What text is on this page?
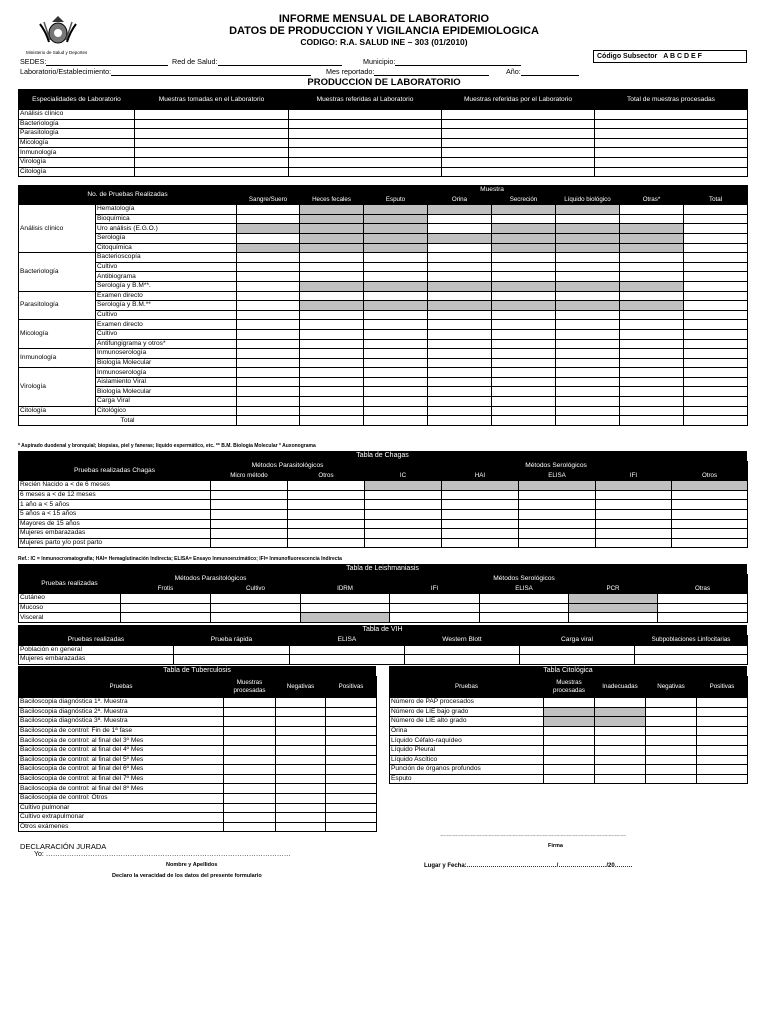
Ministerio de Salud y Deportes
INFORME MENSUAL DE LABORATORIO
DATOS DE PRODUCCION Y VIGILANCIA EPIDEMIOLOGICA
CODIGO: R.A. SALUD INE – 303 (01/2010)
Código Subsector A B C D E F
SEDES:	Red de Salud:	Municipio:
Laboratorio/Establecimiento:	Mes reportado:	Año:
PRODUCCION DE LABORATORIO
Especialidades de Laboratorio	Muestras tomadas en el Laboratorio	Muestras referidas al Laboratorio	Muestras referidas por el Laboratorio	Total de muestras procesadas
Análisis clínico				
Bacteriología				
Parasitología				
Micología				
Inmunología				
Virología				
Citología				
No. de Pruebas Realizadas		Muestra							
		Sangre/Suero	Heces fecales	Esputo	Orina	Secreción	Líquido biológico	Otras*	Total
Análisis clínico	Hematología								
	Bioquímica								
	Uro análisis (E.G.O.)								
	Serología								
	Citoquímica								
Bacteriología	Bacterioscopía								
	Cultivo								
	Antibiograma								
	Serología y B.M**.								
Parasitología	Examen directo								
	Serología y B.M.**								
	Cultivo								
Micología	Examen directo								
	Cultivo								
	Antifungigrama y otros*								
Inmunología	Inmunoserología								
	Biología Molecular								
Virología	Inmunoserología								
	Aislamiento Viral								
	Biología Molecular								
	Carga Viral								
Citología	Citológico								
Total									
* Aspirado duodenal y bronquial; biopsias, piel y faneras; liquido espermático, etc. ** B.M. Biología Molecular * Auxonograma
Tabla de Chagas
Pruebas realizadas Chagas	Métodos Parasitológicos		Métodos Serológicos				
	Micro método	Otros	IC	HAI	ELISA	IFI	Otros
Recién Nacido a < de 6 meses							
6 meses a < de 12 meses							
1 año a < 5 años							
5 años a < 15 años							
Mayores de 15 años							
Mujeres embarazadas							
Mujeres parto y/o post parto							
Ref.: IC = Inmunocromatografía; HAI= Hemaglutinación Indirecta; ELISA= Ensayo Inmunoenzimático; IFI= Inmunofluorescencia Indirecta
Tabla de Leishmaniasis
Pruebas realizadas	Métodos Parasitológicos		Métodos Serológicos				
	Frotis	Cultivo	IDRM	IFI	ELISA	PCR	Otras
Cutáneo							
Mucoso							
Visceral							
Tabla de VIH
Pruebas realizadas	Prueba rápida	ELISA	Western Blott	Carga viral	Subpoblaciones Linfocitarias
Población en general					
Mujeres embarazadas					
Tabla de Tuberculosis
Pruebas	Muestras procesadas	Negativas	Positivas
Baciloscopia diagnóstica 1ª. Muestra			
Baciloscopia diagnóstica 2ª. Muestra			
Baciloscopia diagnóstica 3ª. Muestra			
Baciloscopia de control: Fin de 1ª fase			
Baciloscopia de control: al final del 3º Mes			
Baciloscopia de control: al final del 4º Mes			
Baciloscopia de control: al final del 5º Mes			
Baciloscopia de control: al final del 6º Mes			
Baciloscopia de control: al final del 7º Mes			
Baciloscopia de control: al final del 8º Mes			
Baciloscopia de control: Otros			
Cultivo pulmonar			
Cultivo extrapulmonar			
Otros exámenes			
Tabla Citológica
Pruebas	Muestras procesadas	Inadecuadas	Negativas	Positivas
Número de PAP procesados				
Número de LIE bajo grado				
Número de LIE alto grado				
Orina				
Líquido Céfalo-raquídeo				
Líquido Pleural				
Líquido Ascítico				
Punción de órganos profundos				
Esputo				
DECLARACIÓN JURADA
Yo: ……………………………………………………………………………………………
Nombre y Apellidos
Declaro la veracidad de los datos del presente formulario
…………………………………………………………………………………
Firma
Lugar y Fecha:………………………………………/……………………/20………
